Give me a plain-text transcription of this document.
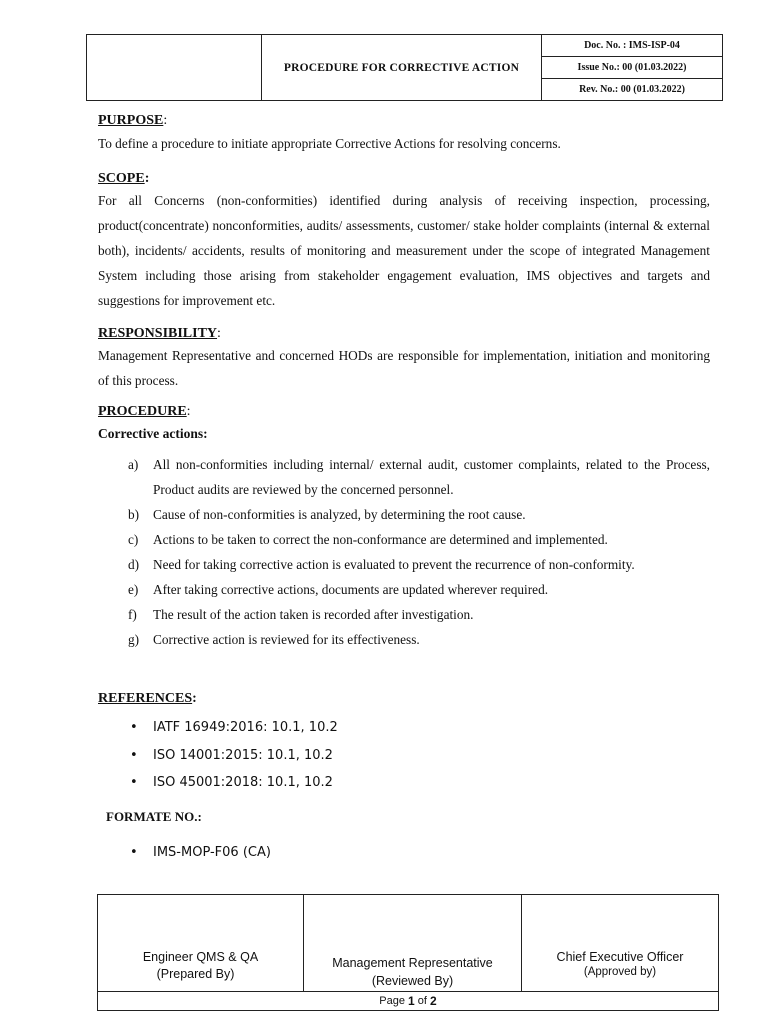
PROCEDURE FOR CORRECTIVE ACTION
Doc. No. : IMS-ISP-04
Issue No.: 00 (01.03.2022)
Rev. No.: 00 (01.03.2022)

PURPOSE:

To define a procedure to initiate appropriate Corrective Actions for resolving concerns.

SCOPE:

For all Concerns (non-conformities) identified during analysis of receiving inspection, processing, product(concentrate) nonconformities, audits/ assessments, customer/ stake holder complaints (internal & external both), incidents/ accidents, results of monitoring and measurement under the scope of integrated Management System including those arising from stakeholder engagement evaluation, IMS objectives and targets and suggestions for improvement etc.

RESPONSIBILITY:

Management Representative and concerned HODs are responsible for implementation, initiation and monitoring of this process.

PROCEDURE:

Corrective actions:

a) All non-conformities including internal/ external audit, customer complaints, related to the Process, Product audits are reviewed by the concerned personnel.
b) Cause of non-conformities is analyzed, by determining the root cause.
c) Actions to be taken to correct the non-conformance are determined and implemented.
d) Need for taking corrective action is evaluated to prevent the recurrence of non-conformity.
e) After taking corrective actions, documents are updated wherever required.
f) The result of the action taken is recorded after investigation.
g) Corrective action is reviewed for its effectiveness.

REFERENCES:

• IATF 16949:2016: 10.1, 10.2
• ISO 14001:2015: 10.1, 10.2
• ISO 45001:2018: 10.1, 10.2

FORMATE NO.:

• IMS-MOP-F06 (CA)
Engineer QMS & QA
(Prepared By)
Management Representative
(Reviewed By)
Chief Executive Officer
(Approved by)
Page
1
of
2
